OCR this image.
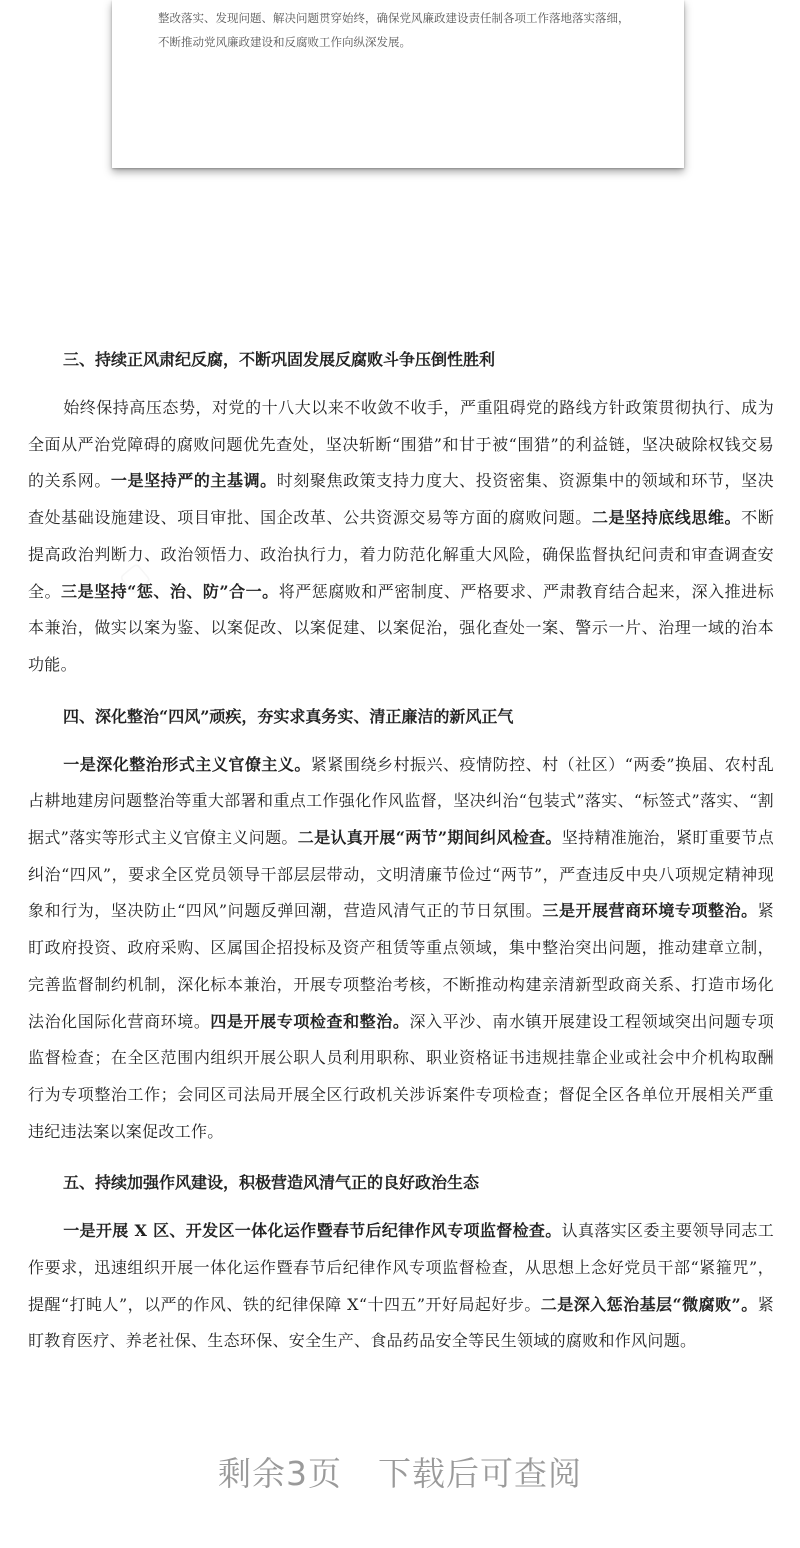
整改落实、发现问题、解决问题贯穿始终，确保党风廉政建设责任制各项工作落地落实落细，
不断推动党风廉政建设和反腐败工作向纵深发展。
三、持续正风肃纪反腐，不断巩固发展反腐败斗争压倒性胜利
始终保持高压态势，对党的十八大以来不收敛不收手，严重阻碍党的路线方针政策贯彻执行、成为全面从严治党障碍的腐败问题优先查处，坚决斩断“围猎”和甘于被“围猎”的利益链，坚决破除权钱交易的关系网。一是坚持严的主基调。时刻聚焦政策支持力度大、投资密集、资源集中的领域和环节，坚决查处基础设施建设、项目审批、国企改革、公共资源交易等方面的腐败问题。二是坚持底线思维。不断提高政治判断力、政治领悟力、政治执行力，着力防范化解重大风险，确保监督执纪问责和审查调查安全。三是坚持“惩、治、防”合一。将严惩腐败和严密制度、严格要求、严肃教育结合起来，深入推进标本兼治，做实以案为鉴、以案促改、以案促建、以案促治，强化查处一案、警示一片、治理一域的治本功能。
四、深化整治“四风”顽疾，夯实求真务实、清正廉洁的新风正气
一是深化整治形式主义官僚主义。紧紧围绕乡村振兴、疫情防控、村（社区）“两委”换届、农村乱占耕地建房问题整治等重大部署和重点工作强化作风监督，坚决纠治“包装式”落实、“标签式”落实、“割据式”落实等形式主义官僚主义问题。二是认真开展“两节”期间纠风检查。坚持精准施治，紧盯重要节点纠治“四风”，要求全区党员领导干部层层带动，文明清廉节俭过“两节”，严查违反中央八项规定精神现象和行为，坚决防止“四风”问题反弹回潮，营造风清气正的节日氛围。三是开展营商环境专项整治。紧盯政府投资、政府采购、区属国企招投标及资产租赁等重点领域，集中整治突出问题，推动建章立制，完善监督制约机制，深化标本兼治，开展专项整治考核，不断推动构建亲清新型政商关系、打造市场化法治化国际化营商环境。四是开展专项检查和整治。深入平沙、南水镇开展建设工程领域突出问题专项监督检查；在全区范围内组织开展公职人员利用职称、职业资格证书违规挂靠企业或社会中介机构取酬行为专项整治工作；会同区司法局开展全区行政机关涉诉案件专项检查；督促全区各单位开展相关严重违纪违法案以案促改工作。
五、持续加强作风建设，积极营造风清气正的良好政治生态
一是开展 X 区、开发区一体化运作暨春节后纪律作风专项监督检查。认真落实区委主要领导同志工作要求，迅速组织开展一体化运作暨春节后纪律作风专项监督检查，从思想上念好党员干部“紧箍咒”，提醒“打盹人”，以严的作风、铁的纪律保障 X“十四五”开好局起好步。二是深入惩治基层“微腐败”。紧盯教育医疗、养老社保、生态环保、安全生产、食品药品安全等民生领域的腐败和作风问题。
剩余3页 下载后可查阅
